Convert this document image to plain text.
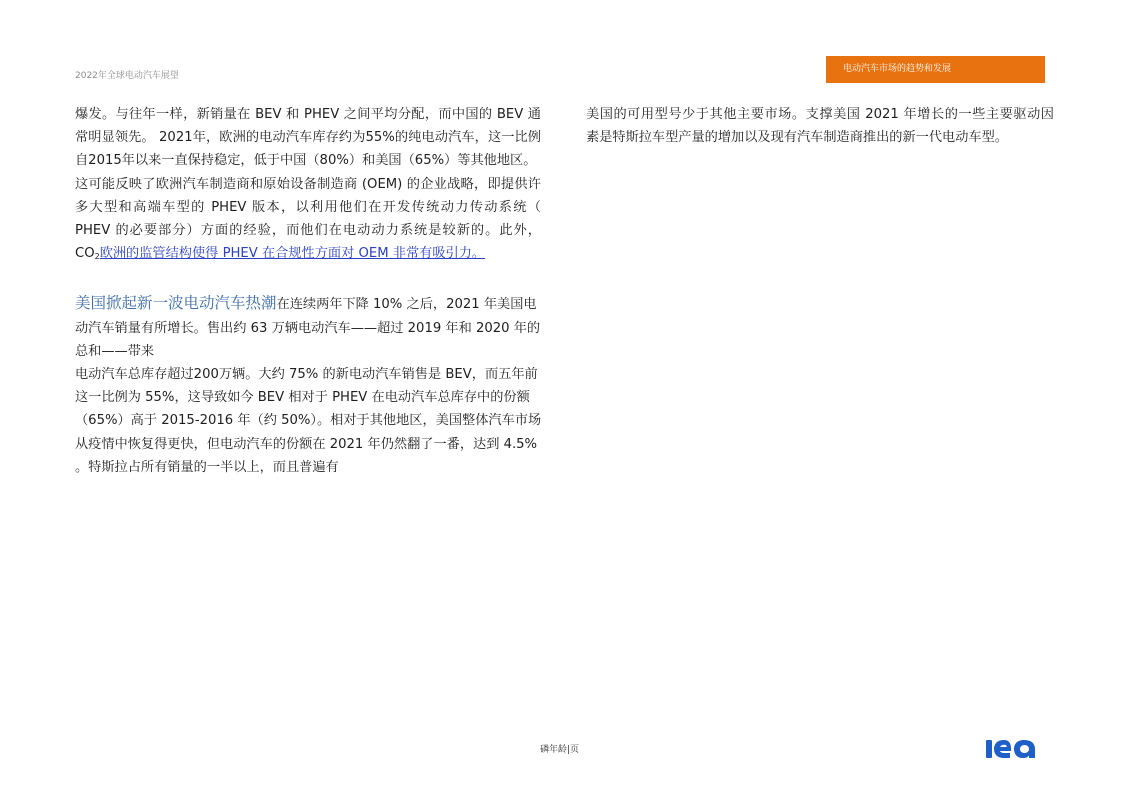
2022年全球电动汽车展望
电动汽车市场的趋势和发展

爆发。与往年一样，新销量在 BEV 和 PHEV 之间平均分配，而中国的 BEV 通
常明显领先。 2021年，欧洲的电动汽车库存约为55%的纯电动汽车，这一比例
自2015年以来一直保持稳定，低于中国（80%）和美国（65%）等其他地区。
这可能反映了欧洲汽车制造商和原始设备制造商 (OEM) 的企业战略，即提供许
多大型和高端车型的 PHEV 版本，以利用他们在开发传统动力传动系统（
PHEV 的必要部分）方面的经验，而他们在电动动力系统是较新的。此外，
$CO_2$欧洲的监管结构使得 PHEV 在合规性方面对 OEM 非常有吸引力。

美国掀起新一波电动汽车热潮在连续两年下降 10% 之后，2021 年美国电
动汽车销量有所增长。售出约 63 万辆电动汽车——超过 2019 年和 2020 年的
总和——带来
电动汽车总库存超过200万辆。大约 75% 的新电动汽车销售是 BEV，而五年前
这一比例为 55%，这导致如今 BEV 相对于 PHEV 在电动汽车总库存中的份额
（65%）高于 2015-2016 年（约 50%）。相对于其他地区，美国整体汽车市场
从疫情中恢复得更快，但电动汽车的份额在 2021 年仍然翻了一番，达到 4.5%
。特斯拉占所有销量的一半以上，而且普遍有

美国的可用型号少于其他主要市场。支撑美国 2021 年增长的一些主要驱动因
素是特斯拉车型产量的增加以及现有汽车制造商推出的新一代电动车型。

磷年龄|页
